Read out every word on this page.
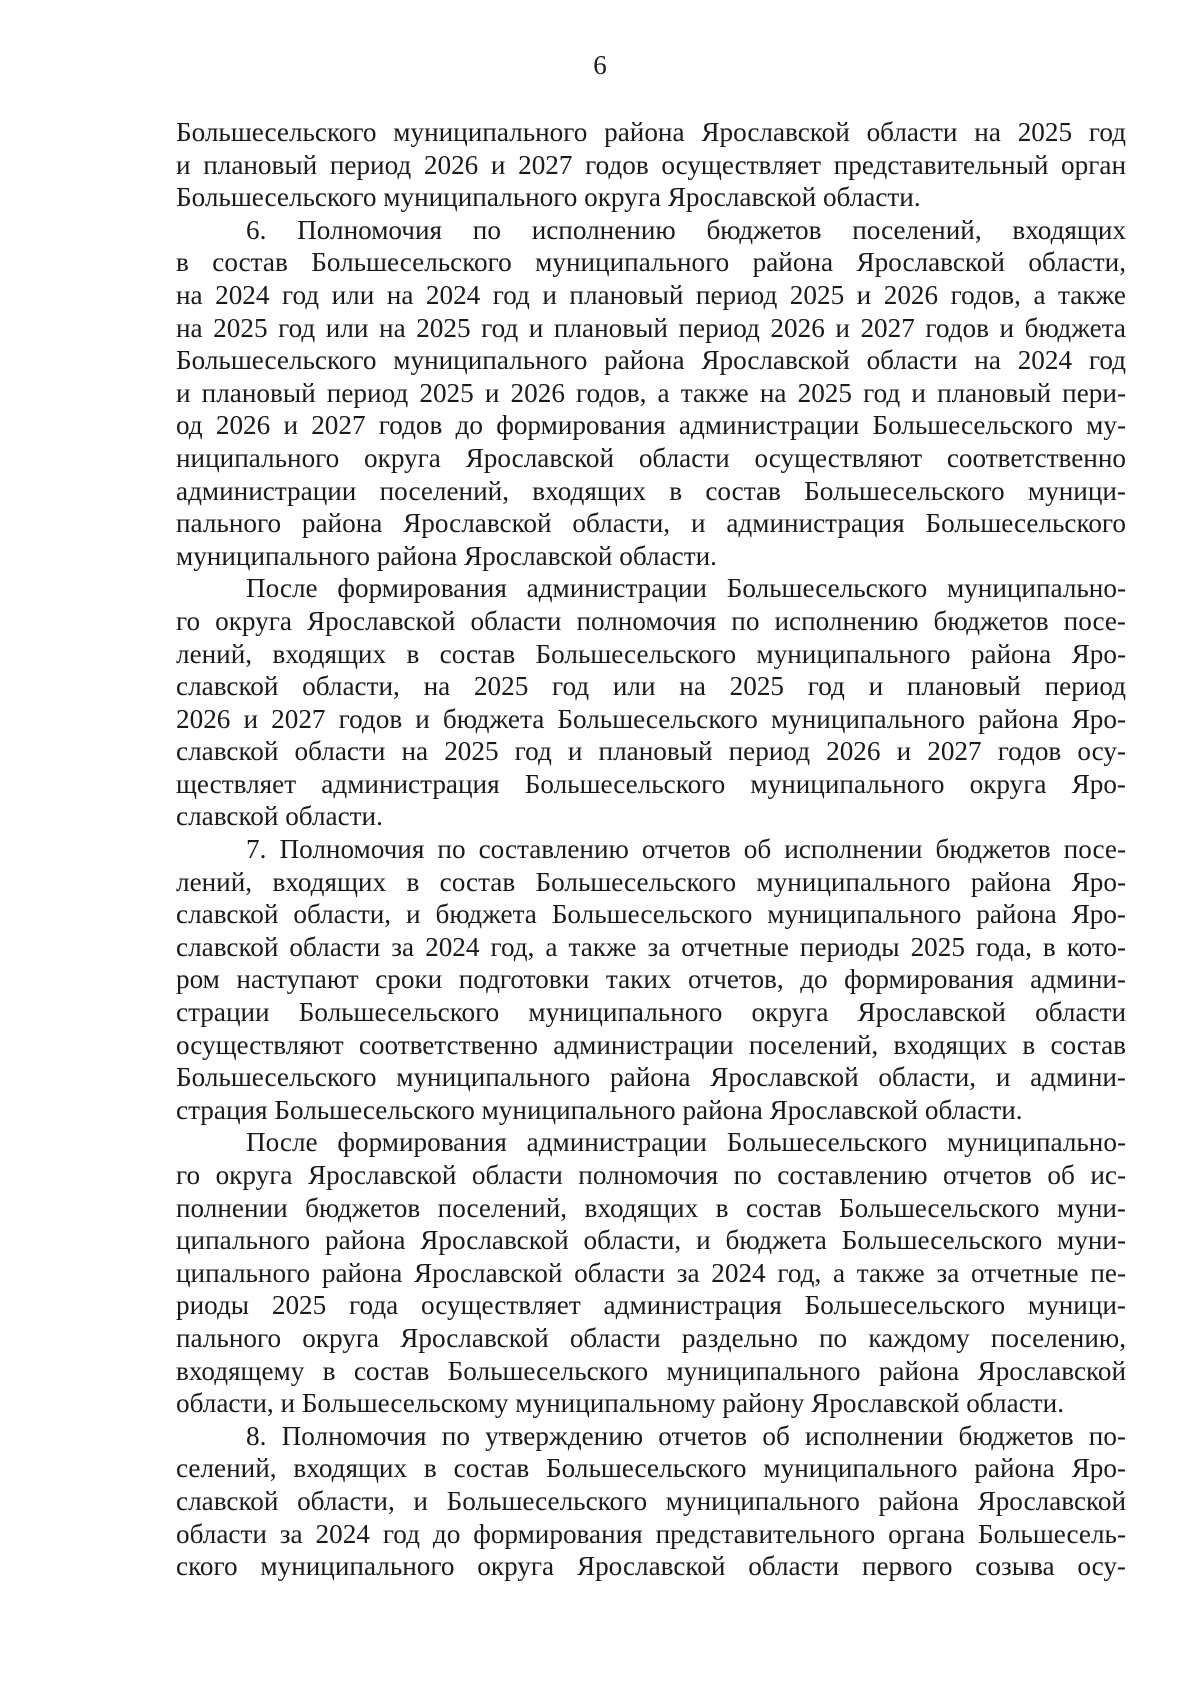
6
Большесельского муниципального района Ярославской области на 2025 год
и плановый период 2026 и 2027 годов осуществляет представительный орган
Большесельского муниципального округа Ярославской области.
6. Полномочия по исполнению бюджетов поселений, входящих
в состав Большесельского муниципального района Ярославской области,
на 2024 год или на 2024 год и плановый период 2025 и 2026 годов, а также
на 2025 год или на 2025 год и плановый период 2026 и 2027 годов и бюджета
Большесельского муниципального района Ярославской области на 2024 год
и плановый период 2025 и 2026 годов, а также на 2025 год и плановый пери-
од 2026 и 2027 годов до формирования администрации Большесельского му-
ниципального округа Ярославской области осуществляют соответственно
администрации поселений, входящих в состав Большесельского муници-
пального района Ярославской области, и администрация Большесельского
муниципального района Ярославской области.
После формирования администрации Большесельского муниципально-
го округа Ярославской области полномочия по исполнению бюджетов посе-
лений, входящих в состав Большесельского муниципального района Яро-
славской области, на 2025 год или на 2025 год и плановый период
2026 и 2027 годов и бюджета Большесельского муниципального района Яро-
славской области на 2025 год и плановый период 2026 и 2027 годов осу-
ществляет администрация Большесельского муниципального округа Яро-
славской области.
7. Полномочия по составлению отчетов об исполнении бюджетов посе-
лений, входящих в состав Большесельского муниципального района Яро-
славской области, и бюджета Большесельского муниципального района Яро-
славской области за 2024 год, а также за отчетные периоды 2025 года, в кото-
ром наступают сроки подготовки таких отчетов, до формирования админи-
страции Большесельского муниципального округа Ярославской области
осуществляют соответственно администрации поселений, входящих в состав
Большесельского муниципального района Ярославской области, и админи-
страция Большесельского муниципального района Ярославской области.
После формирования администрации Большесельского муниципально-
го округа Ярославской области полномочия по составлению отчетов об ис-
полнении бюджетов поселений, входящих в состав Большесельского муни-
ципального района Ярославской области, и бюджета Большесельского муни-
ципального района Ярославской области за 2024 год, а также за отчетные пе-
риоды 2025 года осуществляет администрация Большесельского муници-
пального округа Ярославской области раздельно по каждому поселению,
входящему в состав Большесельского муниципального района Ярославской
области, и Большесельскому муниципальному району Ярославской области.
8. Полномочия по утверждению отчетов об исполнении бюджетов по-
селений, входящих в состав Большесельского муниципального района Яро-
славской области, и Большесельского муниципального района Ярославской
области за 2024 год до формирования представительного органа Большесель-
ского муниципального округа Ярославской области первого созыва осу-
